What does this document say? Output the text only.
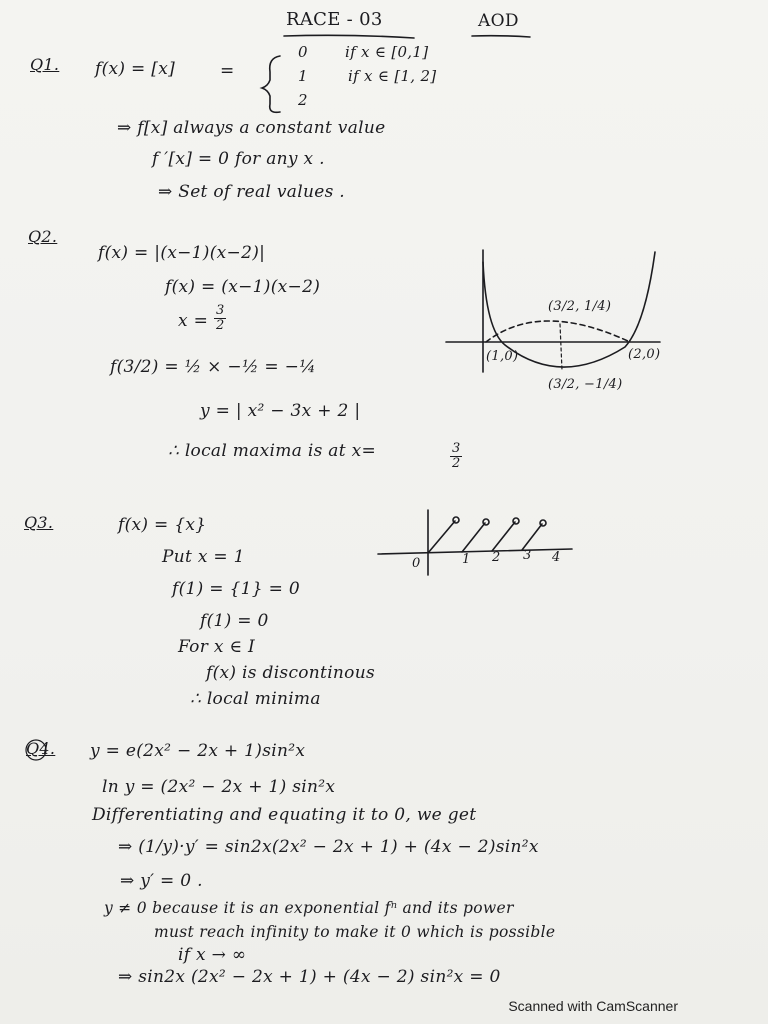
RACE - 03	AOD
Q1. f(x) = [x]	=
0 if x ∈ [0,1]
1	if x ∈ [1, 2]
2
⇒ f[x] always a constant value
f ′[x] = 0 for any x .
⇒ Set of real values .
Q2.
f(x) = |(x−1)(x−2)|
f(x) = (x−1)(x−2)
$x = \frac{3}{2}$
f(3/2) = ½ × −½ = −¼
y = | x² − 3x + 2 |
∴ local maxima is at x=	$\frac{3}{2}$
(1,0)	(2,0)
(3/2, 1/4)
(3/2, −1/4)
Q3.	f(x) = {x}
Put x = 1
f(1) = {1} = 0
f(1) = 0
For x ∈ I
f(x) is discontinous
∴ local minima
0	1 2 3 4
Q4. y = e(2x² − 2x + 1)sin²x
ln y = (2x² − 2x + 1) sin²x
Differentiating and equating it to 0, we get
⇒ (1/y)·y′ = sin2x(2x² − 2x + 1) + (4x − 2)sin²x
⇒ y′ = 0 .
y ≠ 0 because it is an exponential fⁿ and its power
must reach infinity to make it 0 which is possible
if x → ∞
⇒ sin2x (2x² − 2x + 1) + (4x − 2) sin²x = 0
Scanned with CamScanner
